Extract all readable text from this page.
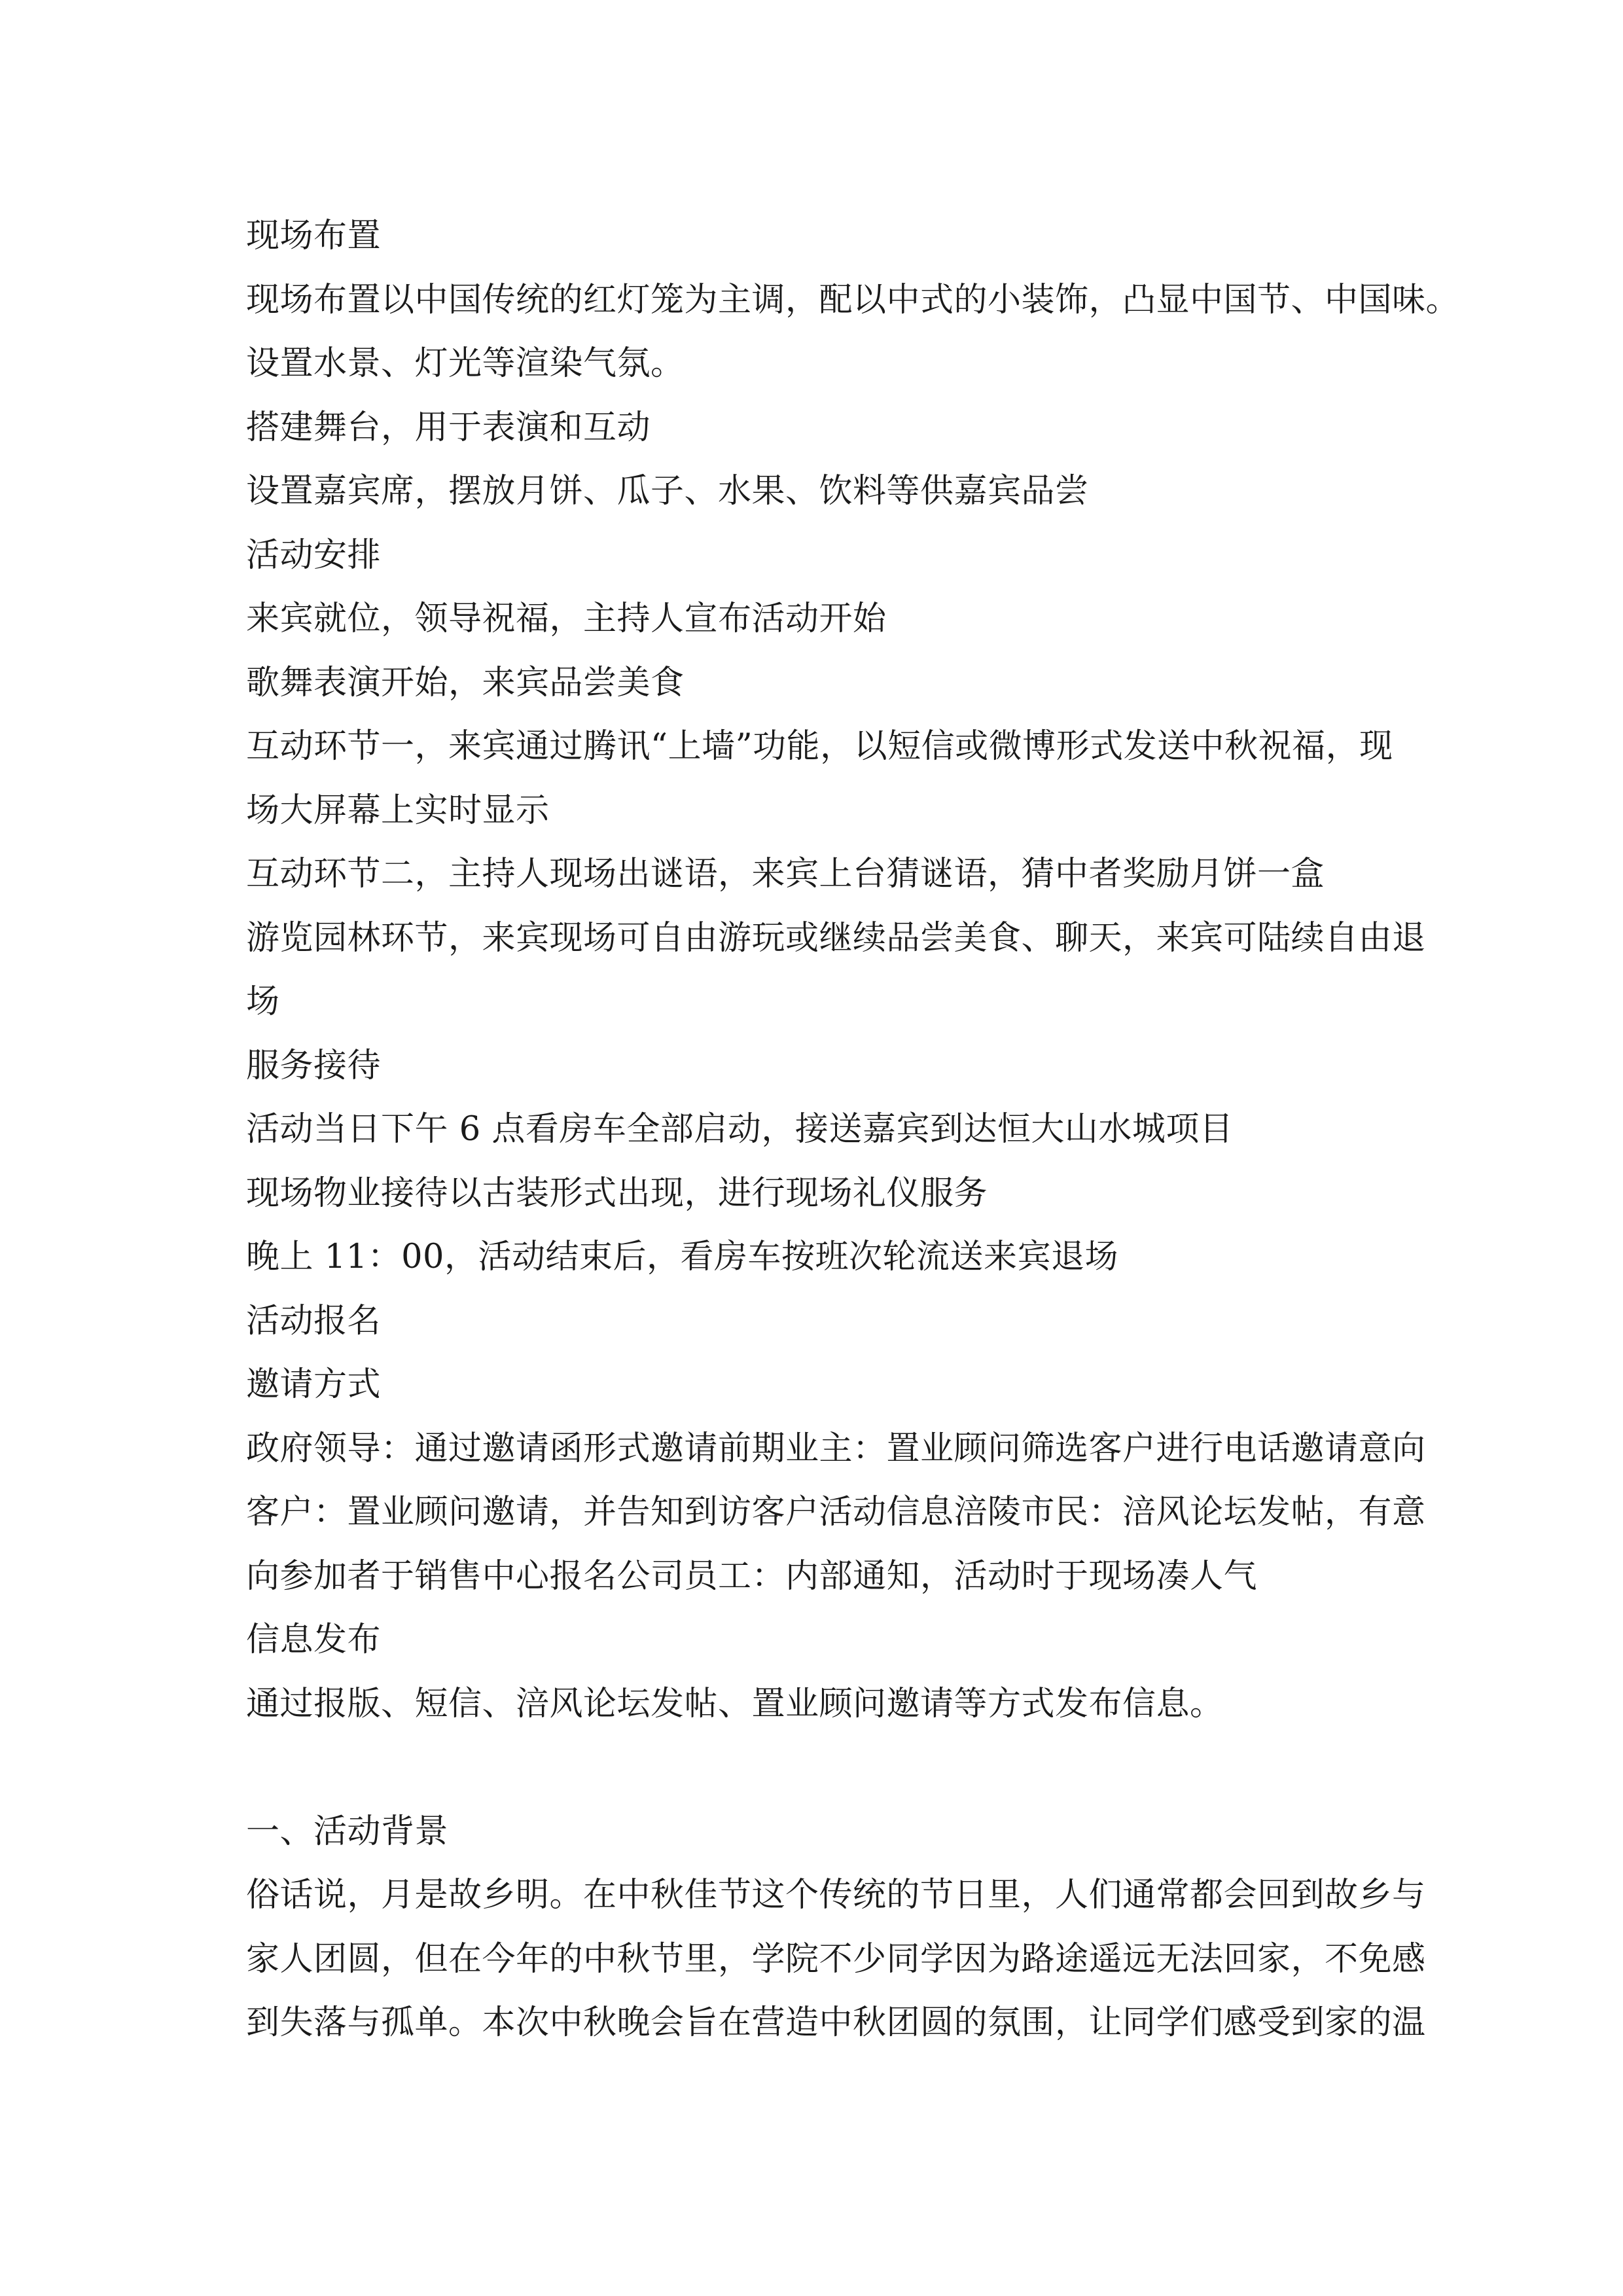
现场布置
现场布置以中国传统的红灯笼为主调，配以中式的小装饰，凸显中国节、中国味。
设置水景、灯光等渲染气氛。
搭建舞台，用于表演和互动
设置嘉宾席，摆放月饼、瓜子、水果、饮料等供嘉宾品尝
活动安排
来宾就位，领导祝福，主持人宣布活动开始
歌舞表演开始，来宾品尝美食
互动环节一，来宾通过腾讯“上墙”功能，以短信或微博形式发送中秋祝福，现
场大屏幕上实时显示
互动环节二，主持人现场出谜语，来宾上台猜谜语，猜中者奖励月饼一盒
游览园林环节，来宾现场可自由游玩或继续品尝美食、聊天，来宾可陆续自由退
场
服务接待
活动当日下午 6 点看房车全部启动，接送嘉宾到达恒大山水城项目
现场物业接待以古装形式出现，进行现场礼仪服务
晚上 11：00，活动结束后，看房车按班次轮流送来宾退场
活动报名
邀请方式
政府领导：通过邀请函形式邀请前期业主：置业顾问筛选客户进行电话邀请意向
客户：置业顾问邀请，并告知到访客户活动信息涪陵市民：涪风论坛发帖，有意
向参加者于销售中心报名公司员工：内部通知，活动时于现场凑人气
信息发布
通过报版、短信、涪风论坛发帖、置业顾问邀请等方式发布信息。
一、活动背景
俗话说，月是故乡明。在中秋佳节这个传统的节日里，人们通常都会回到故乡与
家人团圆，但在今年的中秋节里，学院不少同学因为路途遥远无法回家，不免感
到失落与孤单。本次中秋晚会旨在营造中秋团圆的氛围，让同学们感受到家的温
